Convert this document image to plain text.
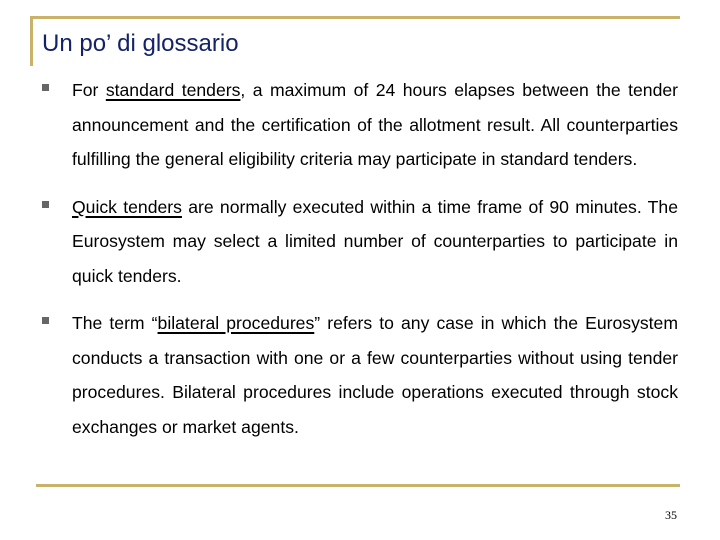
Un po’ di glossario

For standard tenders, a maximum of 24 hours elapses between the tender announcement and the certification of the allotment result. All counterparties fulfilling the general eligibility criteria may participate in standard tenders.

Quick tenders are normally executed within a time frame of 90 minutes. The Eurosystem may select a limited number of counterparties to participate in quick tenders.

The term “bilateral procedures” refers to any case in which the Eurosystem conducts a transaction with one or a few counterparties without using tender procedures. Bilateral procedures include operations executed through stock exchanges or market agents.

35
